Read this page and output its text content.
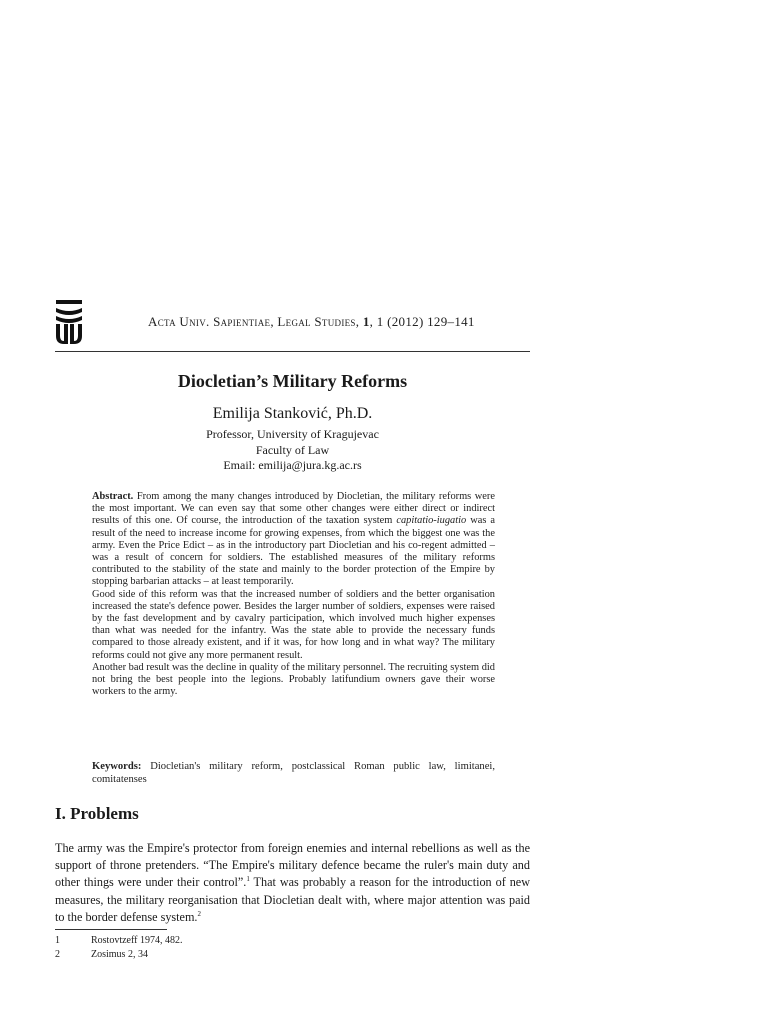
Acta Univ. Sapientiae, Legal Studies, 1, 1 (2012) 129–141
Diocletian’s Military Reforms
Emilija Stanković, Ph.D.
Professor, University of Kragujevac
Faculty of Law
Email: emilija@jura.kg.ac.rs

Abstract. From among the many changes introduced by Diocletian, the military reforms were the most important. We can even say that some other changes were either direct or indirect results of this one. Of course, the introduction of the taxation system capitatio-iugatio was a result of the need to increase income for growing expenses, from which the biggest one was the army. Even the Price Edict – as in the introductory part Diocletian and his co-regent admitted – was a result of concern for soldiers. The established measures of the military reforms contributed to the stability of the state and mainly to the border protection of the Empire by stopping barbarian attacks – at least temporarily.

Good side of this reform was that the increased number of soldiers and the better organisation increased the state's defence power. Besides the larger number of soldiers, expenses were raised by the fast development and by cavalry participation, which involved much higher expenses than what was needed for the infantry. Was the state able to provide the necessary funds compared to those already existent, and if it was, for how long and in what way? The military reforms could not give any more permanent result.

Another bad result was the decline in quality of the military personnel. The recruiting system did not bring the best people into the legions. Probably latifundium owners gave their worse workers to the army.

Keywords: Diocletian's military reform, postclassical Roman public law, limitanei, comitatenses
I. Problems
The army was the Empire's protector from foreign enemies and internal rebellions as well as the support of throne pretenders. “The Empire's military defence became the ruler's main duty and other things were under their control”.$^1$ That was probably a reason for the introduction of new measures, the military reorganisation that Diocletian dealt with, where major attention was paid to the border defense system.$^2$
1	Rostovtzeff 1974, 482.
2	Zosimus 2, 34
